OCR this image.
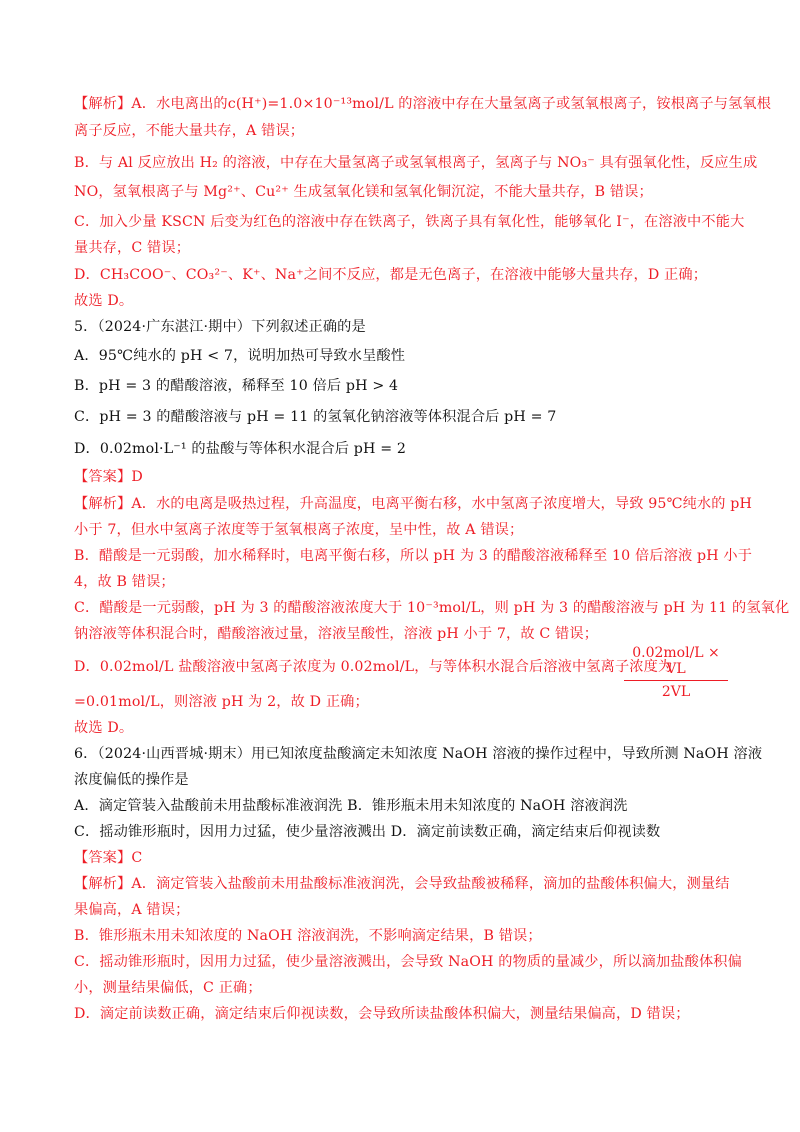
【解析】A．水电离出的c(H⁺)=1.0×10⁻¹³mol/L 的溶液中存在大量氢离子或氢氧根离子，铵根离子与氢氧根
离子反应，不能大量共存，A 错误；
B．与 Al 反应放出 H₂ 的溶液，中存在大量氢离子或氢氧根离子，氢离子与 NO₃⁻ 具有强氧化性，反应生成
NO，氢氧根离子与 Mg²⁺、Cu²⁺ 生成氢氧化镁和氢氧化铜沉淀，不能大量共存，B 错误；
C．加入少量 KSCN 后变为红色的溶液中存在铁离子，铁离子具有氧化性，能够氧化 I⁻，在溶液中不能大
量共存，C 错误；
D．CH₃COO⁻、CO₃²⁻、K⁺、Na⁺之间不反应，都是无色离子，在溶液中能够大量共存，D 正确；
故选 D。
5．（2024·广东湛江·期中）下列叙述正确的是
A．95℃纯水的 pH < 7，说明加热可导致水呈酸性
B．pH = 3 的醋酸溶液，稀释至 10 倍后 pH > 4
C．pH = 3 的醋酸溶液与 pH = 11 的氢氧化钠溶液等体积混合后 pH = 7
D．0.02mol·L⁻¹ 的盐酸与等体积水混合后 pH = 2
【答案】D
【解析】A．水的电离是吸热过程，升高温度，电离平衡右移，水中氢离子浓度增大，导致 95℃纯水的 pH
小于 7，但水中氢离子浓度等于氢氧根离子浓度，呈中性，故 A 错误；
B．醋酸是一元弱酸，加水稀释时，电离平衡右移，所以 pH 为 3 的醋酸溶液稀释至 10 倍后溶液 pH 小于
4，故 B 错误；
C．醋酸是一元弱酸，pH 为 3 的醋酸溶液浓度大于 10⁻³mol/L，则 pH 为 3 的醋酸溶液与 pH 为 11 的氢氧化
钠溶液等体积混合时，醋酸溶液过量，溶液呈酸性，溶液 pH 小于 7，故 C 错误；
D．0.02mol/L 盐酸溶液中氢离子浓度为 0.02mol/L，与等体积水混合后溶液中氢离子浓度为
0.02mol/L × VL
2VL
=0.01mol/L，则溶液 pH 为 2，故 D 正确；
故选 D。
6．（2024·山西晋城·期末）用已知浓度盐酸滴定未知浓度 NaOH 溶液的操作过程中，导致所测 NaOH 溶液
浓度偏低的操作是
A．滴定管装入盐酸前未用盐酸标准液润洗 B．锥形瓶未用未知浓度的 NaOH 溶液润洗
C．摇动锥形瓶时，因用力过猛，使少量溶液溅出 D．滴定前读数正确，滴定结束后仰视读数
【答案】C
【解析】A．滴定管装入盐酸前未用盐酸标准液润洗，会导致盐酸被稀释，滴加的盐酸体积偏大，测量结
果偏高，A 错误；
B．锥形瓶未用未知浓度的 NaOH 溶液润洗，不影响滴定结果，B 错误；
C．摇动锥形瓶时，因用力过猛，使少量溶液溅出，会导致 NaOH 的物质的量减少，所以滴加盐酸体积偏
小，测量结果偏低，C 正确；
D．滴定前读数正确，滴定结束后仰视读数，会导致所读盐酸体积偏大，测量结果偏高，D 错误；
